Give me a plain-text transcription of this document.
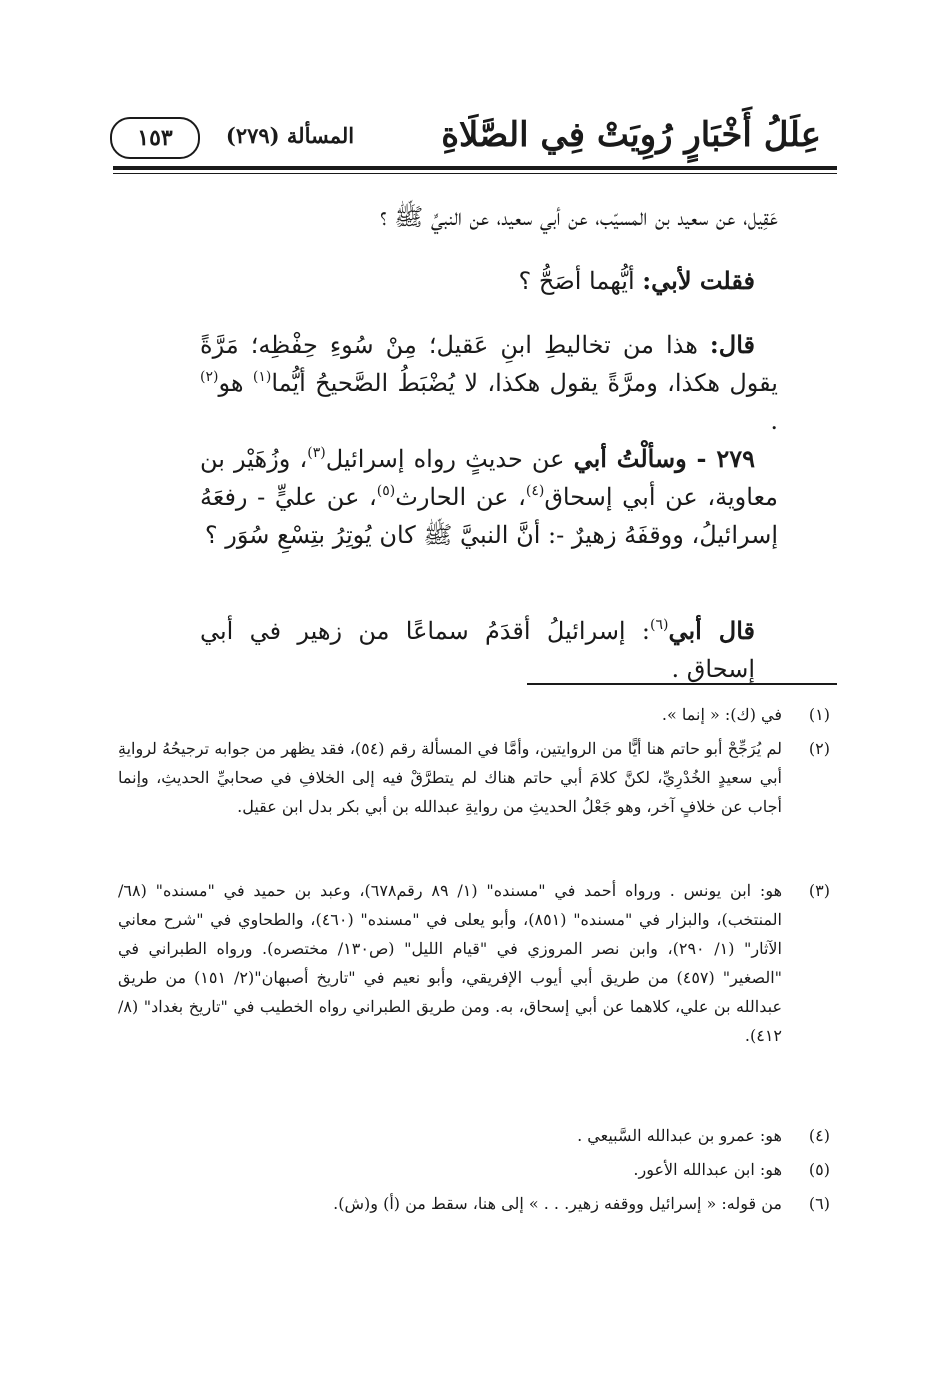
عِلَلُ أَخْبَارٍ رُوِيَتْ فِي الصَّلَاةِ
المسألة (٢٧٩)
١٥٣
عَقِيل، عن سعيد بن المسيّب، عن أبي سعيد، عن النبيِّ ﷺ ؟
فقلت لأبي: أيُّهما أصَحُّ ؟
قال: هذا من تخاليطِ ابنِ عَقيل؛ مِنْ سُوءِ حِفْظِه؛ مَرَّةً يقول هكذا، ومرَّةً يقول هكذا، لا يُضْبَطُ الصَّحيحُ أيُّما$^{(١)}$ هو$^{(٢)}$ .
٢٧٩ - وسألْتُ أبي عن حديثٍ رواه إسرائيل$^{(٣)}$، وزُهَيْر بن معاوية، عن أبي إسحاق$^{(٤)}$، عن الحارث$^{(٥)}$، عن عليٍّ - رفعَهُ إسرائيلُ، ووقفَهُ زهيرٌ -: أنَّ النبيَّ ﷺ كان يُوتِرُ بتِسْعِ سُوَر ؟
قال أبي$^{(٦)}$: إسرائيلُ أقدَمُ سماعًا من زهير في أبي إسحاق .
(١)
في (ك): « إنما ».
(٢)
لم يُرَجِّحْ أبو حاتم هنا أيًّا من الروايتين، وأمَّا في المسألة رقم (٥٤)، فقد يظهر من جوابه ترجيحُهُ لروايةِ أبي سعيدٍ الخُدْرِيِّ، لكنَّ كلامَ أبي حاتم هناك لم يتطرَّقْ فيه إلى الخلافِ في صحابيِّ الحديثِ، وإنما أجاب عن خلافٍ آخر، وهو جَعْلُ الحديثِ من روايةِ عبدالله بن أبي بكر بدل ابن عقيل.
(٣)
هو: ابن يونس . ورواه أحمد في "مسنده" (١/ ٨٩ رقم٦٧٨)، وعبد بن حميد في "مسنده" (٦٨/المنتخب)، والبزار في "مسنده" (٨٥١)، وأبو يعلى في "مسنده" (٤٦٠)، والطحاوي في "شرح معاني الآثار" (١/ ٢٩٠)، وابن نصر المروزي في "قيام الليل" (ص١٣٠/ مختصره). ورواه الطبراني في "الصغير" (٤٥٧) من طريق أبي أيوب الإفريقي، وأبو نعيم في "تاريخ أصبهان"(٢/ ١٥١) من طريق عبدالله بن علي، كلاهما عن أبي إسحاق، به. ومن طريق الطبراني رواه الخطيب في "تاريخ بغداد" (٨/ ٤١٢).
(٤)
هو: عمرو بن عبدالله السَّبيعي .
(٥)
هو: ابن عبدالله الأعور.
(٦)
من قوله: « إسرائيل ووقفه زهير. . . » إلى هنا، سقط من (أ) و(ش).
